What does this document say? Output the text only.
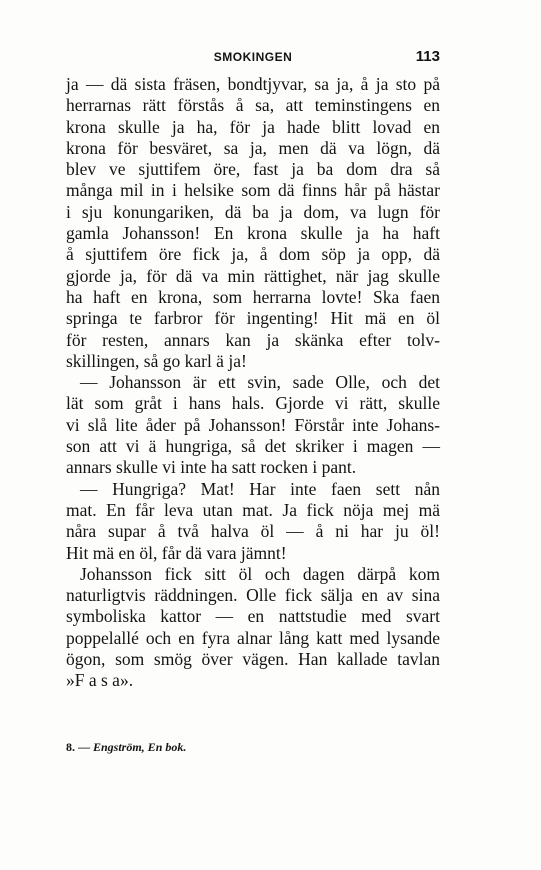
SMOKINGEN	113
ja — dä sista fräsen, bondtjyvar, sa ja, å ja sto på
herrarnas rätt förstås å sa, att teminstingens en
krona skulle ja ha, för ja hade blitt lovad en
krona för besväret, sa ja, men dä va lögn, dä
blev ve sjuttifem öre, fast ja ba dom dra så
många mil in i helsike som dä finns hår på hästar
i sju konungariken, dä ba ja dom, va lugn för
gamla Johansson! En krona skulle ja ha haft
å sjuttifem öre fick ja, å dom söp ja opp, dä
gjorde ja, för dä va min rättighet, när jag skulle
ha haft en krona, som herrarna lovte! Ska faen
springa te farbror för ingenting! Hit mä en öl
för resten, annars kan ja skänka efter tolv-
skillingen, så go karl ä ja!
— Johansson är ett svin, sade Olle, och det
lät som gråt i hans hals. Gjorde vi rätt, skulle
vi slå lite åder på Johansson! Förstår inte Johans-
son att vi ä hungriga, så det skriker i magen —
annars skulle vi inte ha satt rocken i pant.
— Hungriga? Mat! Har inte faen sett nån
mat. En får leva utan mat. Ja fick nöja mej mä
nåra supar å två halva öl — å ni har ju öl!
Hit mä en öl, får dä vara jämnt!
Johansson fick sitt öl och dagen därpå kom
naturligtvis räddningen. Olle fick sälja en av sina
symboliska kattor — en nattstudie med svart
poppelallé och en fyra alnar lång katt med lysande
ögon, som smög över vägen. Han kallade tavlan
»F a s a».
8. — Engström, En bok.
